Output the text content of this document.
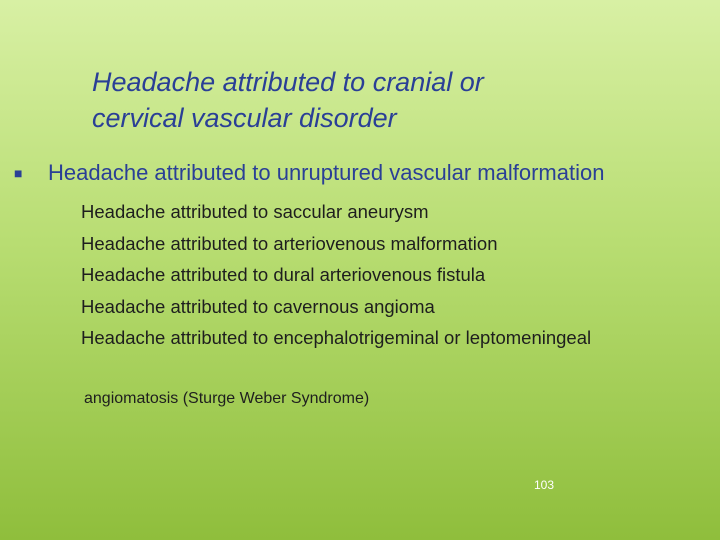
Headache attributed to cranial or
cervical vascular disorder
■	Headache attributed to unruptured vascular malformation
Headache attributed to saccular aneurysm
Headache attributed to arteriovenous malformation
Headache attributed to dural arteriovenous fistula
Headache attributed to cavernous angioma
Headache attributed to encephalotrigeminal or leptomeningeal
angiomatosis (Sturge Weber Syndrome)
103
